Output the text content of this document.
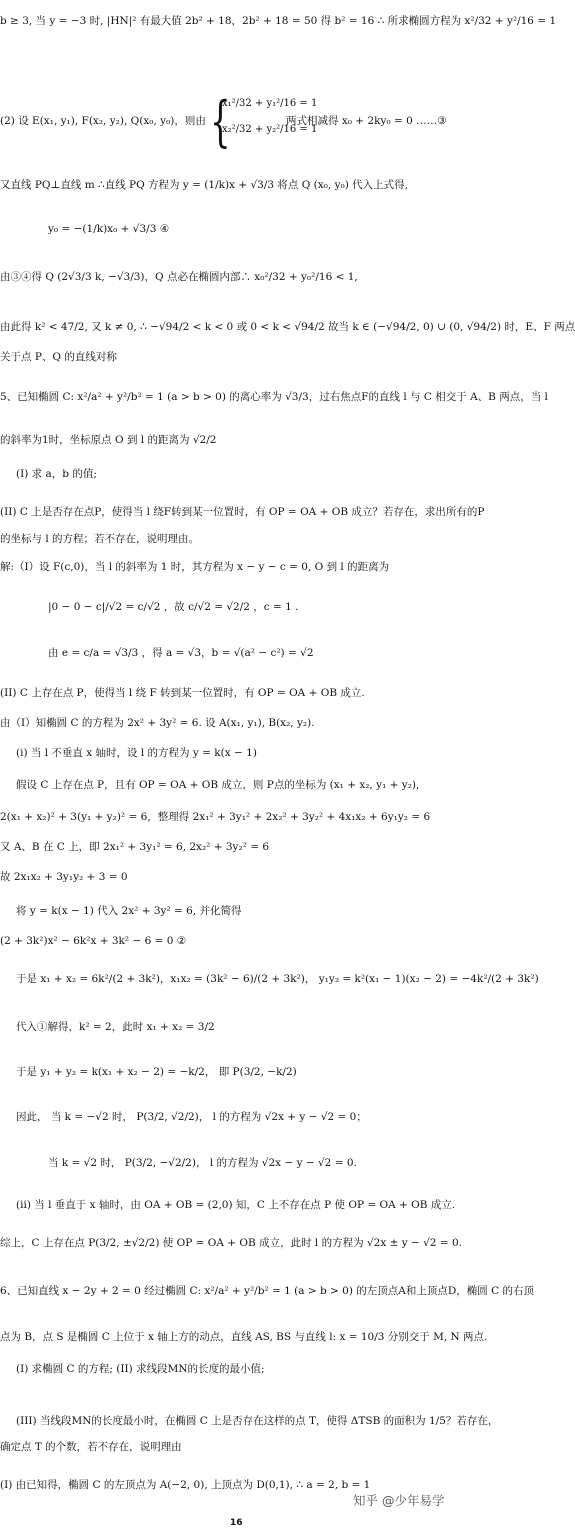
b ≥ 3, 当 y = −3 时, |HN|² 有最大值 2b² + 18，2b² + 18 = 50 得 b² = 16 ∴ 所求椭圆方程为 x²/32 + y²/16 = 1
(2) 设 E(x₁, y₁), F(x₂, y₂), Q(x₀, y₀)，则由 {
x₁²/32 + y₁²/16 = 1
x₂²/32 + y₂²/16 = 1
两式相减得 x₀ + 2ky₀ = 0 ……③
又直线 PQ⊥直线 m ∴直线 PQ 方程为 y = (1/k)x + √3/3 将点 Q (x₀, y₀) 代入上式得,
y₀ = −(1/k)x₀ + √3/3 ④
由③④得 Q (2√3/3 k, −√3/3)，Q 点必在椭圆内部∴ x₀²/32 + y₀²/16 < 1,
由此得 k² < 47/2, 又 k ≠ 0, ∴ −√94/2 < k < 0 或 0 < k < √94/2 故当 k ∈ (−√94/2, 0) ∪ (0, √94/2) 时，E、F 两点
关于点 P、Q 的直线对称
5、已知椭圆 C: x²/a² + y²/b² = 1 (a > b > 0) 的离心率为 √3/3，过右焦点F的直线 l 与 C 相交于 A、B 两点，当 l
的斜率为1时，坐标原点 O 到 l 的距离为 √2/2
(I) 求 a，b 的值;
(II) C 上是否存在点P，使得当 l 绕F转到某一位置时，有 OP = OA + OB 成立？若存在，求出所有的P
的坐标与 l 的方程；若不存在，说明理由。
解:（I）设 F(c,0)，当 l 的斜率为 1 时，其方程为 x − y − c = 0, O 到 l 的距离为
|0 − 0 − c|/√2 = c/√2 ，故 c/√2 = √2/2 ，c = 1 .
由 e = c/a = √3/3 ，得 a = √3，b = √(a² − c²) = √2
(II) C 上存在点 P，使得当 l 绕 F 转到某一位置时，有 OP = OA + OB 成立.
由（I）知椭圆 C 的方程为 2x² + 3y² = 6. 设 A(x₁, y₁), B(x₂, y₂).
(i) 当 l 不垂直 x 轴时，设 l 的方程为 y = k(x − 1)
假设 C 上存在点 P，且有 OP = OA + OB 成立，则 P点的坐标为 (x₁ + x₂, y₁ + y₂),
2(x₁ + x₂)² + 3(y₁ + y₂)² = 6，整理得 2x₁² + 3y₁² + 2x₂² + 3y₂² + 4x₁x₂ + 6y₁y₂ = 6
又 A、B 在 C 上，即 2x₁² + 3y₁² = 6, 2x₂² + 3y₂² = 6
故 2x₁x₂ + 3y₁y₂ + 3 = 0
将 y = k(x − 1) 代入 2x² + 3y² = 6, 并化简得
(2 + 3k²)x² − 6k²x + 3k² − 6 = 0 ②
于是 x₁ + x₂ = 6k²/(2 + 3k²)，x₁x₂ = (3k² − 6)/(2 + 3k²)， y₁y₂ = k²(x₁ − 1)(x₂ − 2) = −4k²/(2 + 3k²)
代入①解得，k² = 2，此时 x₁ + x₂ = 3/2
于是 y₁ + y₂ = k(x₁ + x₂ − 2) = −k/2， 即 P(3/2, −k/2)
因此， 当 k = −√2 时， P(3/2, √2/2)， l 的方程为 √2x + y − √2 = 0；
当 k = √2 时， P(3/2, −√2/2)， l 的方程为 √2x − y − √2 = 0.
(ii) 当 l 垂直于 x 轴时，由 OA + OB = (2,0) 知，C 上不存在点 P 使 OP = OA + OB 成立.
综上，C 上存在点 P(3/2, ±√2/2) 使 OP = OA + OB 成立，此时 l 的方程为 √2x ± y − √2 = 0.
6、已知直线 x − 2y + 2 = 0 经过椭圆 C: x²/a² + y²/b² = 1 (a > b > 0) 的左顶点A和上顶点D，椭圆 C 的右顶
点为 B，点 S 是椭圆 C 上位于 x 轴上方的动点，直线 AS, BS 与直线 l: x = 10/3 分别交于 M, N 两点.
(I) 求椭圆 C 的方程; (II) 求线段MN的长度的最小值;
(III) 当线段MN的长度最小时，在椭圆 C 上是否存在这样的点 T，使得 ΔTSB 的面积为 1/5？若存在，
确定点 T 的个数，若不存在，说明理由
(I) 由已知得，椭圆 C 的左顶点为 A(−2, 0), 上顶点为 D(0,1), ∴ a = 2, b = 1
知乎 @少年易学
16
